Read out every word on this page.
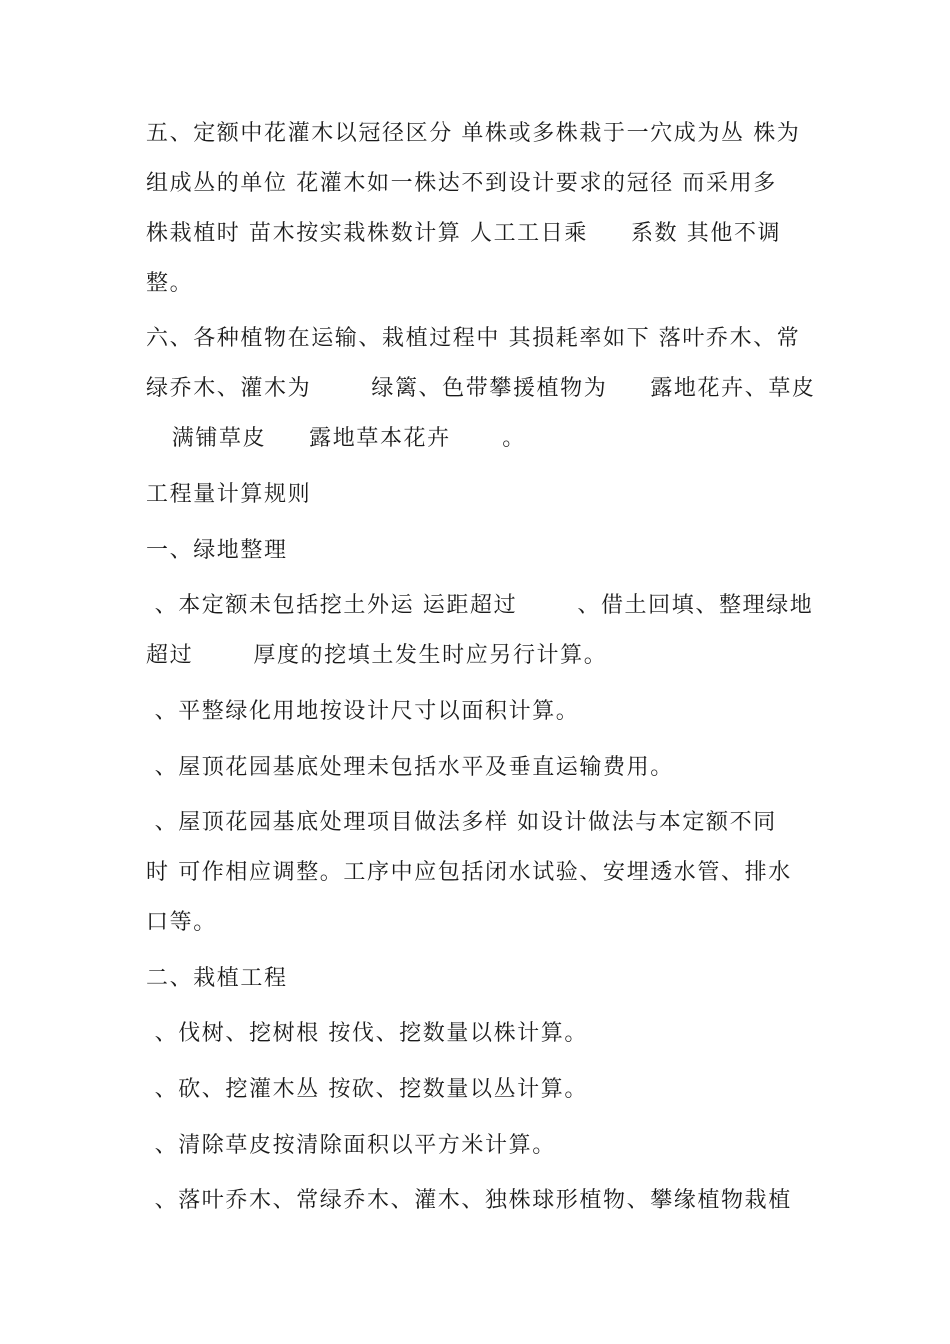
五、定额中花灌木以冠径区分 单株或多株栽于一穴成为丛 株为
组成丛的单位 花灌木如一株达不到设计要求的冠径 而采用多
株栽植时 苗木按实栽株数计算 人工工日乘     系数 其他不调
整。
六、各种植物在运输、栽植过程中 其损耗率如下 落叶乔木、常
绿乔木、灌木为       绿篱、色带攀援植物为     露地花卉、草皮
满铺草皮     露地草本花卉      。
工程量计算规则
一、绿地整理
、本定额未包括挖土外运 运距超过       、借土回填、整理绿地
超过       厚度的挖填土发生时应另行计算。
、平整绿化用地按设计尺寸以面积计算。
、屋顶花园基底处理未包括水平及垂直运输费用。
、屋顶花园基底处理项目做法多样 如设计做法与本定额不同
时 可作相应调整。工序中应包括闭水试验、安埋透水管、排水
口等。
二、栽植工程
、伐树、挖树根 按伐、挖数量以株计算。
、砍、挖灌木丛 按砍、挖数量以丛计算。
、清除草皮按清除面积以平方米计算。
、落叶乔木、常绿乔木、灌木、独株球形植物、攀缘植物栽植
